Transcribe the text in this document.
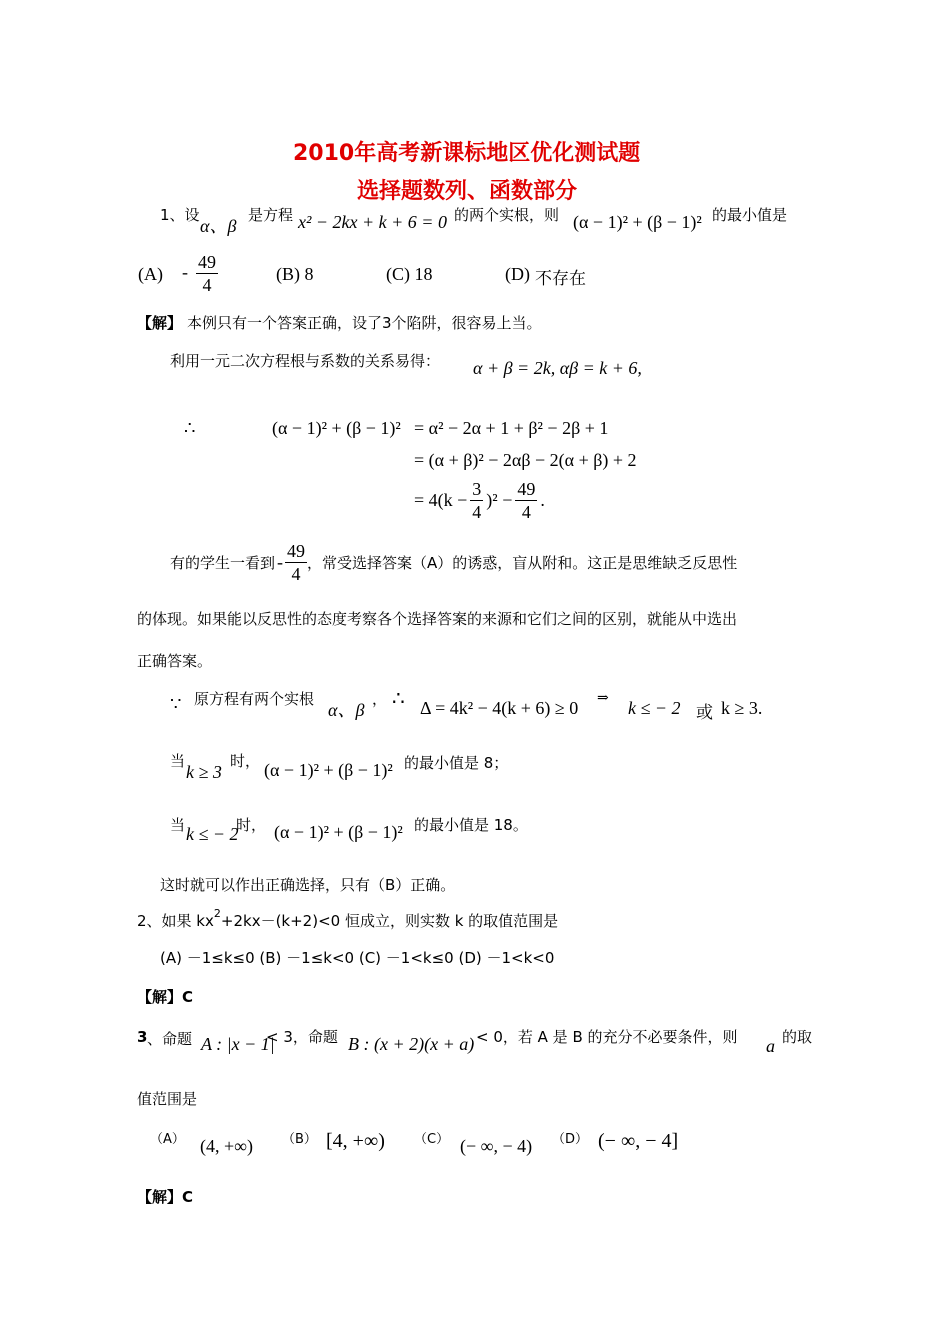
2010年高考新课标地区优化测试题
选择题数列、函数部分
1、设
α、β
是方程 x² − 2kx + k + 6 = 0 的两个实根，则 (α − 1)² + (β − 1)² 的最小值是
$(A) - \frac{49}{4}$	(B) 8	(C) 18	(D) 不存在
【解】 本例只有一个答案正确，设了3个陷阱，很容易上当。
利用一元二次方程根与系数的关系易得： α + β = 2k, αβ = k + 6,
∴	(α − 1)² + (β − 1)² = α² − 2α + 1 + β² − 2β + 1
= (α + β)² − 2αβ − 2(α + β) + 2
= $4(k - \frac{3}{4} )^2 - \frac{49}{4}$ .
有的学生一看到 - $\frac{49}{4}$ ，常受选择答案（A）的诱惑，盲从附和。这正是思维缺乏反思性
的体现。如果能以反思性的态度考察各个选择答案的来源和它们之间的区别，就能从中选出
正确答案。
∵ 原方程有两个实根
α、β
， ∴ Δ = 4k² − 4(k + 6) ≥ 0 ⇒ k ≤ − 2 或 k ≥ 3.
当
k ≥ 3
时， (α − 1)² + (β − 1)² 的最小值是 8；
当 k ≤ − 2
时， (α − 1)² + (β − 1)² 的最小值是 18。
这时就可以作出正确选择，只有（B）正确。
2、如果 $kx^2+2kx-(k+2)<0$ 恒成立，则实数 k 的取值范围是
(A) －1≤k≤0 (B) －1≤k<0 (C) －1<k≤0 (D) －1<k<0
【解】C
3 、命题 A : |x − 1|
< 3，命题 B : (x + 2)(x + a) < 0，若 A 是 B 的充分不必要条件，则 a 的取
值范围是
（A） (4, +∞) （B） [4, +∞) （C） (− ∞, − 4) （D） (− ∞, − 4]
【解】C
